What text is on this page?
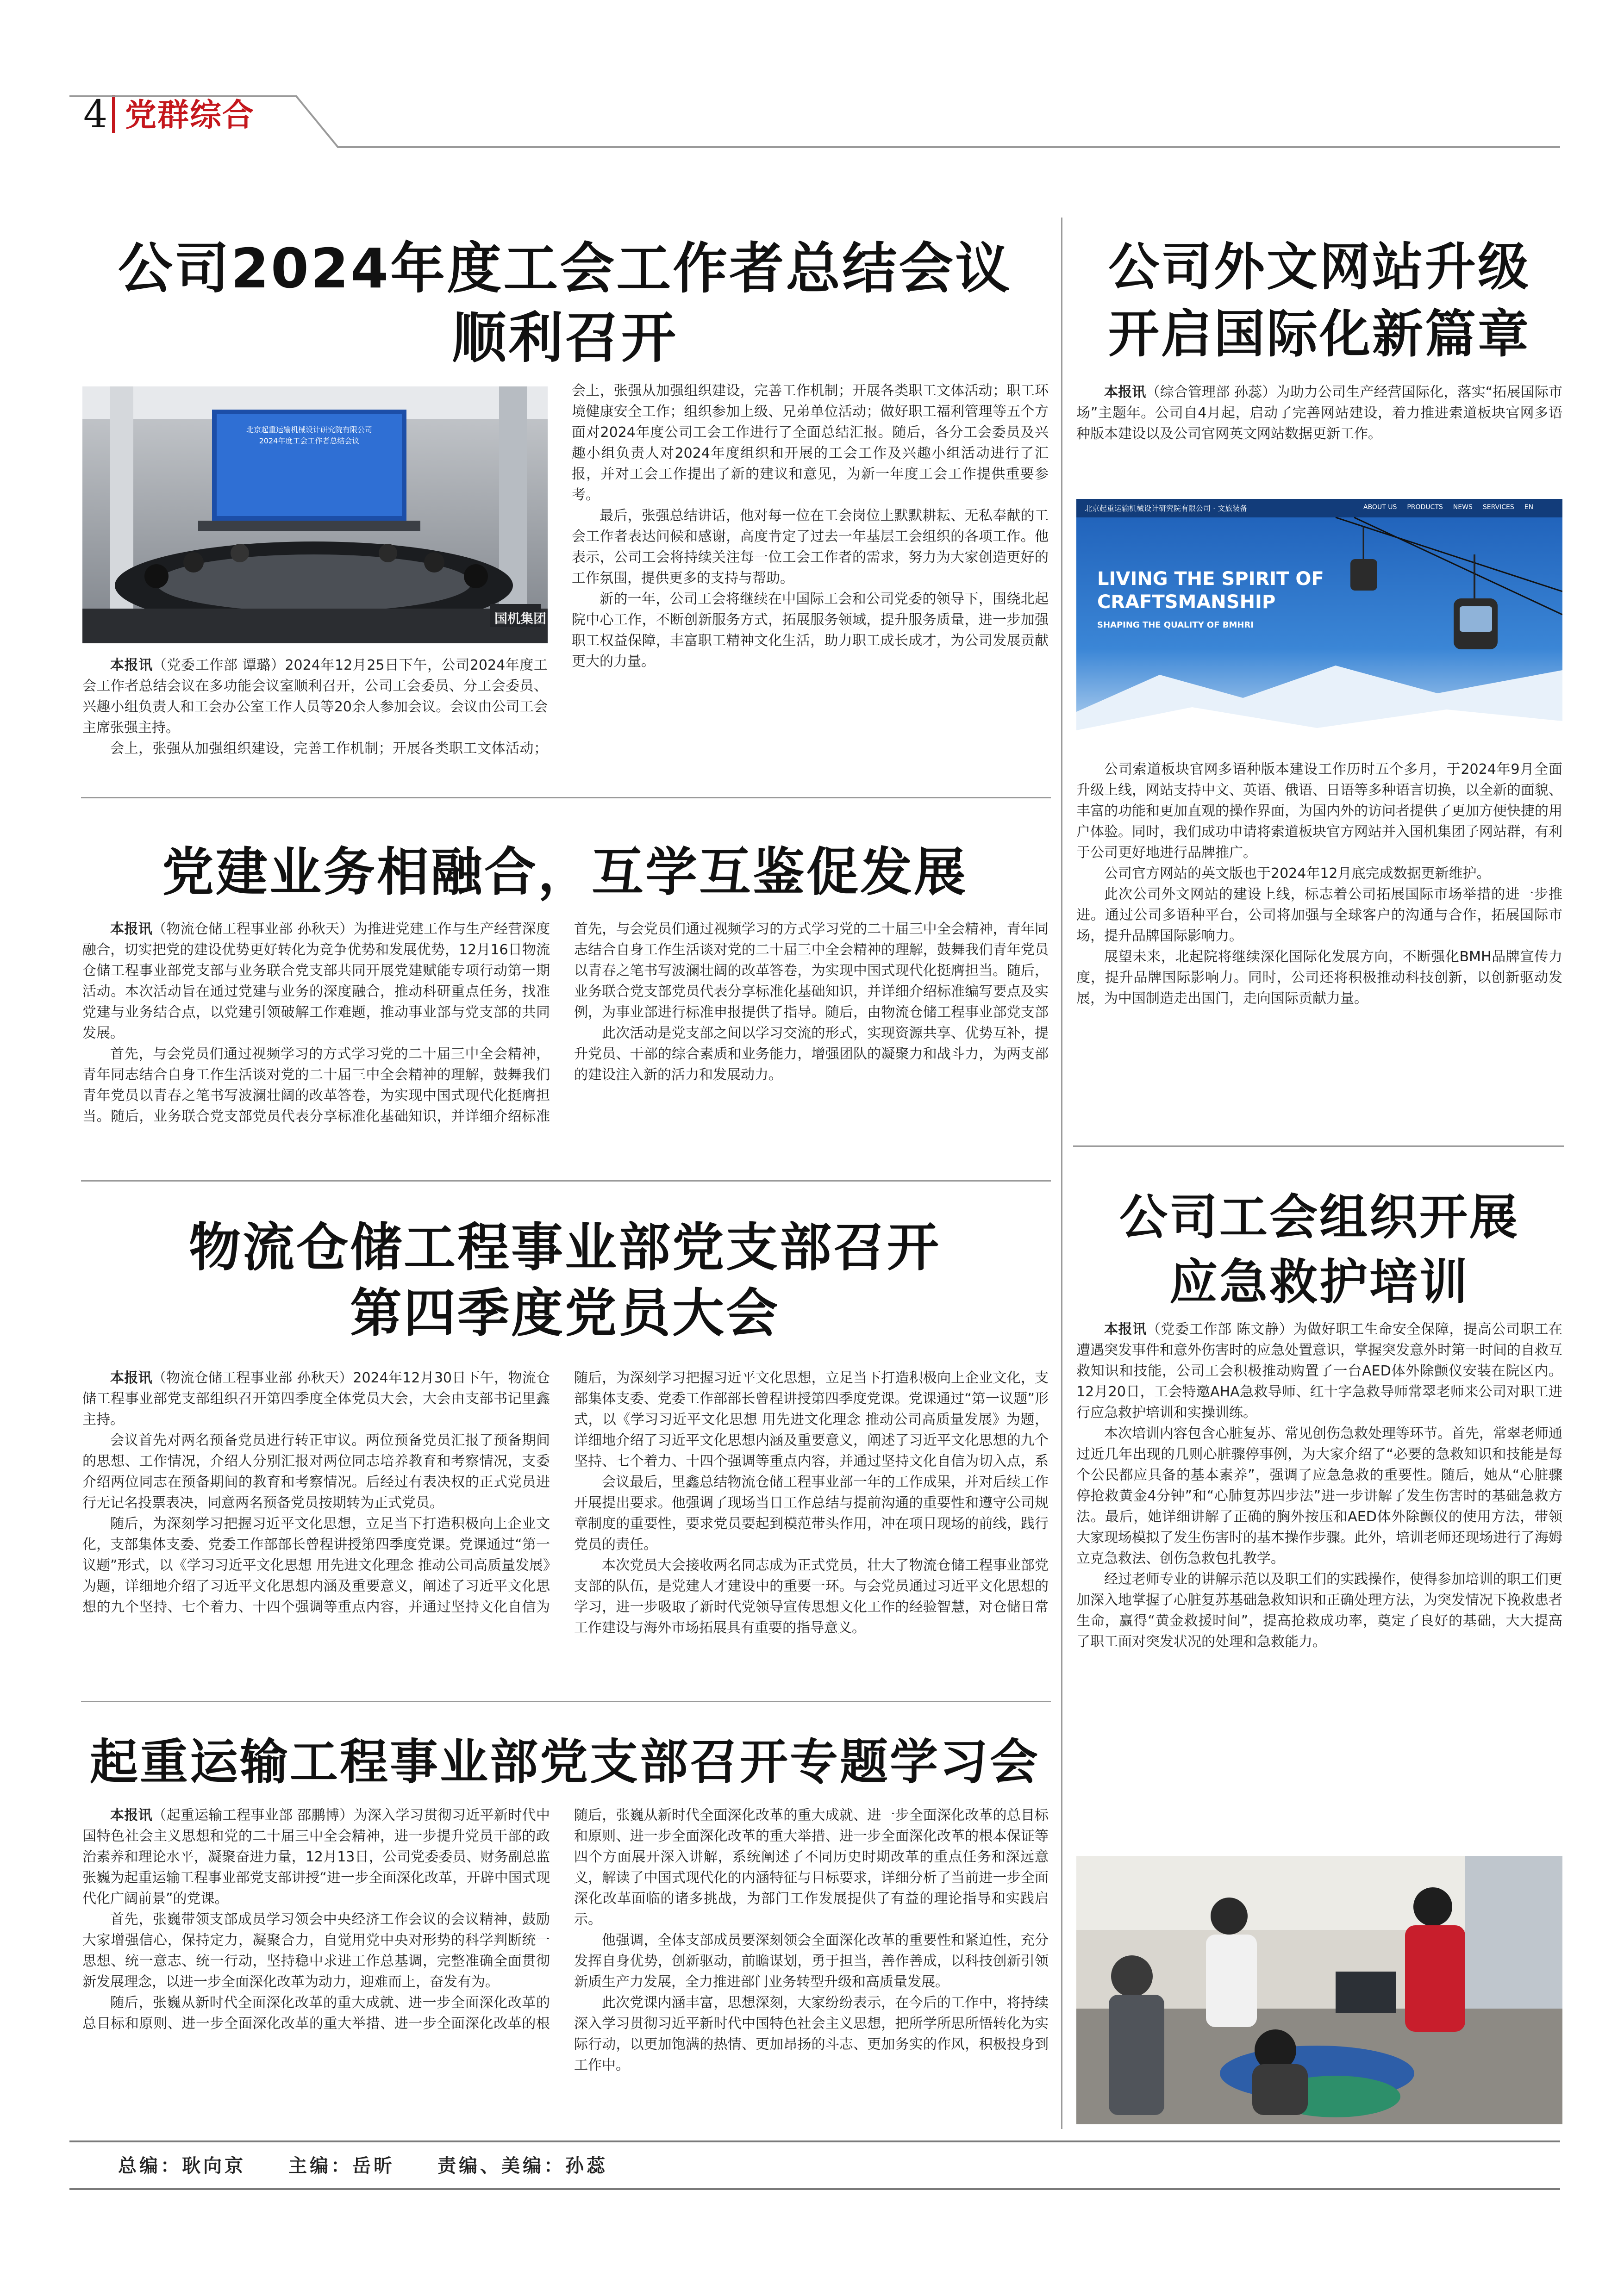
4 党群综合
公司2024年度工会工作者总结会议
顺利召开
北京起重运输机械设计研究院有限公司
2024年度工会工作者总结会议
国机集团

本报讯（党委工作部 谭璐）2024年12月25日下午，公司2024年度工会工作者总结会议在多功能会议室顺利召开，公司工会委员、分工会委员、兴趣小组负责人和工会办公室工作人员等20余人参加会议。会议由公司工会主席张强主持。

会上，张强从加强组织建设，完善工作机制；开展各类职工文体活动；

会上，张强从加强组织建设，完善工作机制；开展各类职工文体活动；职工环境健康安全工作；组织参加上级、兄弟单位活动；做好职工福利管理等五个方面对2024年度公司工会工作进行了全面总结汇报。随后，各分工会委员及兴趣小组负责人对2024年度组织和开展的工会工作及兴趣小组活动进行了汇报，并对工会工作提出了新的建议和意见，为新一年度工会工作提供重要参考。

最后，张强总结讲话，他对每一位在工会岗位上默默耕耘、无私奉献的工会工作者表达问候和感谢，高度肯定了过去一年基层工会组织的各项工作。他表示，公司工会将持续关注每一位工会工作者的需求，努力为大家创造更好的工作氛围，提供更多的支持与帮助。

新的一年，公司工会将继续在中国际工会和公司党委的领导下，围绕北起院中心工作，不断创新服务方式，拓展服务领域，提升服务质量，进一步加强职工权益保障，丰富职工精神文化生活，助力职工成长成才，为公司发展贡献更大的力量。

公司外文网站升级
开启国际化新篇章

本报讯（综合管理部 孙蕊）为助力公司生产经营国际化，落实“拓展国际市场”主题年。公司自4月起，启动了完善网站建设，着力推进索道板块官网多语种版本建设以及公司官网英文网站数据更新工作。

北京起重运输机械设计研究院有限公司 · 文旅装备	ABOUT US PRODUCTS NEWS SERVICES EN
LIVING THE SPIRIT OF
CRAFTSMANSHIP
SHAPING THE QUALITY OF BMHRI

公司索道板块官网多语种版本建设工作历时五个多月，于2024年9月全面升级上线，网站支持中文、英语、俄语、日语等多种语言切换，以全新的面貌、丰富的功能和更加直观的操作界面，为国内外的访问者提供了更加方便快捷的用户体验。同时，我们成功申请将索道板块官方网站并入国机集团子网站群，有利于公司更好地进行品牌推广。

公司官方网站的英文版也于2024年12月底完成数据更新维护。

此次公司外文网站的建设上线，标志着公司拓展国际市场举措的进一步推进。通过公司多语种平台，公司将加强与全球客户的沟通与合作，拓展国际市场，提升品牌国际影响力。

展望未来，北起院将继续深化国际化发展方向，不断强化BMH品牌宣传力度，提升品牌国际影响力。同时，公司还将积极推动科技创新，以创新驱动发展，为中国制造走出国门，走向国际贡献力量。

党建业务相融合，互学互鉴促发展

本报讯（物流仓储工程事业部 孙秋天）为推进党建工作与生产经营深度融合，切实把党的建设优势更好转化为竞争优势和发展优势，12月16日物流仓储工程事业部党支部与业务联合党支部共同开展党建赋能专项行动第一期活动。本次活动旨在通过党建与业务的深度融合，推动科研重点任务，找准党建与业务结合点，以党建引领破解工作难题，推动事业部与党支部的共同发展。

首先，与会党员们通过视频学习的方式学习党的二十届三中全会精神，青年同志结合自身工作生活谈对党的二十届三中全会精神的理解，鼓舞我们青年党员以青春之笔书写波澜壮阔的改革答卷，为实现中国式现代化挺膺担当。随后，业务联合党支部党员代表分享标准化基础知识，并详细介绍标准

首先，与会党员们通过视频学习的方式学习党的二十届三中全会精神，青年同志结合自身工作生活谈对党的二十届三中全会精神的理解，鼓舞我们青年党员以青春之笔书写波澜壮阔的改革答卷，为实现中国式现代化挺膺担当。随后，业务联合党支部党员代表分享标准化基础知识，并详细介绍标准编写要点及实例，为事业部进行标准申报提供了指导。随后，由物流仓储工程事业部党支部

此次活动是党支部之间以学习交流的形式，实现资源共享、优势互补，提升党员、干部的综合素质和业务能力，增强团队的凝聚力和战斗力，为两支部的建设注入新的活力和发展动力。

物流仓储工程事业部党支部召开
第四季度党员大会

本报讯（物流仓储工程事业部 孙秋天）2024年12月30日下午，物流仓储工程事业部党支部组织召开第四季度全体党员大会，大会由支部书记里鑫主持。

会议首先对两名预备党员进行转正审议。两位预备党员汇报了预备期间的思想、工作情况，介绍人分别汇报对两位同志培养教育和考察情况，支委介绍两位同志在预备期间的教育和考察情况。后经过有表决权的正式党员进行无记名投票表决，同意两名预备党员按期转为正式党员。

随后，为深刻学习把握习近平文化思想，立足当下打造积极向上企业文化，支部集体支委、党委工作部部长曾程讲授第四季度党课。党课通过“第一议题”形式，以《学习习近平文化思想 用先进文化理念 推动公司高质量发展》为题，详细地介绍了习近平文化思想内涵及重要意义，阐述了习近平文化思想的九个坚持、七个着力、十四个强调等重点内容，并通过坚持文化自信为

随后，为深刻学习把握习近平文化思想，立足当下打造积极向上企业文化，支部集体支委、党委工作部部长曾程讲授第四季度党课。党课通过“第一议题”形式，以《学习习近平文化思想 用先进文化理念 推动公司高质量发展》为题，详细地介绍了习近平文化思想内涵及重要意义，阐述了习近平文化思想的九个坚持、七个着力、十四个强调等重点内容，并通过坚持文化自信为切入点，系

会议最后，里鑫总结物流仓储工程事业部一年的工作成果，并对后续工作开展提出要求。他强调了现场当日工作总结与提前沟通的重要性和遵守公司规章制度的重要性，要求党员要起到模范带头作用，冲在项目现场的前线，践行党员的责任。

本次党员大会接收两名同志成为正式党员，壮大了物流仓储工程事业部党支部的队伍，是党建人才建设中的重要一环。与会党员通过习近平文化思想的学习，进一步吸取了新时代党领导宣传思想文化工作的经验智慧，对仓储日常工作建设与海外市场拓展具有重要的指导意义。

起重运输工程事业部党支部召开专题学习会

本报讯（起重运输工程事业部 邵鹏博）为深入学习贯彻习近平新时代中国特色社会主义思想和党的二十届三中全会精神，进一步提升党员干部的政治素养和理论水平，凝聚奋进力量，12月13日，公司党委委员、财务副总监张巍为起重运输工程事业部党支部讲授“进一步全面深化改革，开辟中国式现代化广阔前景”的党课。

首先，张巍带领支部成员学习领会中央经济工作会议的会议精神，鼓励大家增强信心，保持定力，凝聚合力，自觉用党中央对形势的科学判断统一思想、统一意志、统一行动，坚持稳中求进工作总基调，完整准确全面贯彻新发展理念，以进一步全面深化改革为动力，迎难而上，奋发有为。

随后，张巍从新时代全面深化改革的重大成就、进一步全面深化改革的总目标和原则、进一步全面深化改革的重大举措、进一步全面深化改革的根

随后，张巍从新时代全面深化改革的重大成就、进一步全面深化改革的总目标和原则、进一步全面深化改革的重大举措、进一步全面深化改革的根本保证等四个方面展开深入讲解，系统阐述了不同历史时期改革的重点任务和深远意义，解读了中国式现代化的内涵特征与目标要求，详细分析了当前进一步全面深化改革面临的诸多挑战，为部门工作发展提供了有益的理论指导和实践启示。

他强调，全体支部成员要深刻领会全面深化改革的重要性和紧迫性，充分发挥自身优势，创新驱动，前瞻谋划，勇于担当，善作善成，以科技创新引领新质生产力发展，全力推进部门业务转型升级和高质量发展。

此次党课内涵丰富，思想深刻，大家纷纷表示，在今后的工作中，将持续深入学习贯彻习近平新时代中国特色社会主义思想，把所学所思所悟转化为实际行动，以更加饱满的热情、更加昂扬的斗志、更加务实的作风，积极投身到工作中。

公司工会组织开展
应急救护培训

本报讯（党委工作部 陈文静）为做好职工生命安全保障，提高公司职工在遭遇突发事件和意外伤害时的应急处置意识，掌握突发意外时第一时间的自救互救知识和技能，公司工会积极推动购置了一台AED体外除颤仪安装在院区内。12月20日，工会特邀AHA急救导师、红十字急救导师常翠老师来公司对职工进行应急救护培训和实操训练。

本次培训内容包含心脏复苏、常见创伤急救处理等环节。首先，常翠老师通过近几年出现的几则心脏骤停事例，为大家介绍了“必要的急救知识和技能是每个公民都应具备的基本素养”，强调了应急急救的重要性。随后，她从“心脏骤停抢救黄金4分钟”和“心肺复苏四步法”进一步讲解了发生伤害时的基础急救方法。最后，她详细讲解了正确的胸外按压和AED体外除颤仪的使用方法，带领大家现场模拟了发生伤害时的基本操作步骤。此外，培训老师还现场进行了海姆立克急救法、创伤急救包扎教学。

经过老师专业的讲解示范以及职工们的实践操作，使得参加培训的职工们更加深入地掌握了心脏复苏基础急救知识和正确处理方法，为突发情况下挽救患者生命，赢得“黄金救援时间”，提高抢救成功率，奠定了良好的基础，大大提高了职工面对突发状况的处理和急救能力。

总编：耿向京　　主编：岳昕　　责编、美编：孙蕊
